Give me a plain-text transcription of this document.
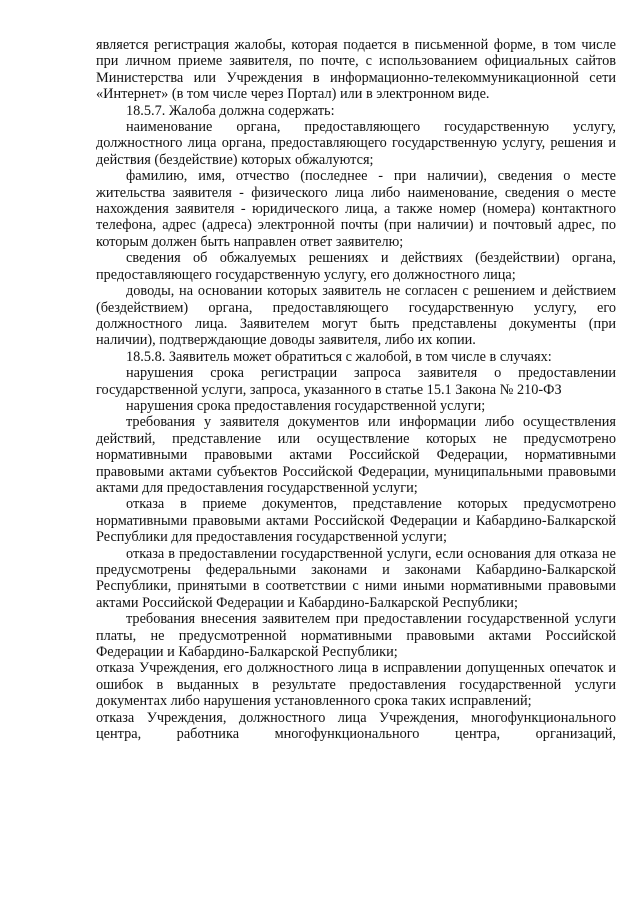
является регистрация жалобы, которая подается в письменной форме, в том числе при личном приеме заявителя, по почте, с использованием официальных сайтов Министерства или Учреждения в информационно-телекоммуникационной сети «Интернет» (в том числе через Портал) или в электронном виде.

18.5.7. Жалоба должна содержать:

наименование органа, предоставляющего государственную услугу, должностного лица органа, предоставляющего государственную услугу, решения и действия (бездействие) которых обжалуются;

фамилию, имя, отчество (последнее - при наличии), сведения о месте жительства заявителя - физического лица либо наименование, сведения о месте нахождения заявителя - юридического лица, а также номер (номера) контактного телефона, адрес (адреса) электронной почты (при наличии) и почтовый адрес, по которым должен быть направлен ответ заявителю;

сведения об обжалуемых решениях и действиях (бездействии) органа, предоставляющего государственную услугу, его должностного лица;

доводы, на основании которых заявитель не согласен с решением и действием (бездействием) органа, предоставляющего государственную услугу, его должностного лица. Заявителем могут быть представлены документы (при наличии), подтверждающие доводы заявителя, либо их копии.

18.5.8. Заявитель может обратиться с жалобой, в том числе в случаях:

нарушения срока регистрации запроса заявителя о предоставлении государственной услуги, запроса, указанного в статье 15.1 Закона № 210-ФЗ

нарушения срока предоставления государственной услуги;

требования у заявителя документов или информации либо осуществления действий, представление или осуществление которых не предусмотрено нормативными правовыми актами Российской Федерации, нормативными правовыми актами субъектов Российской Федерации, муниципальными правовыми актами для предоставления государственной услуги;

отказа в приеме документов, представление которых предусмотрено нормативными правовыми актами Российской Федерации и Кабардино-Балкарской Республики для предоставления государственной услуги;

отказа в предоставлении государственной услуги, если основания для отказа не предусмотрены федеральными законами и законами Кабардино-Балкарской Республики, принятыми в соответствии с ними иными нормативными правовыми актами Российской Федерации и Кабардино-Балкарской Республики;

требования внесения заявителем при предоставлении государственной услуги платы, не предусмотренной нормативными правовыми актами Российской Федерации и Кабардино-Балкарской Республики;

отказа Учреждения, его должностного лица в исправлении допущенных опечаток и ошибок в выданных в результате предоставления государственной услуги документах либо нарушения установленного срока таких исправлений;

отказа Учреждения, должностного лица Учреждения, многофункционального центра, работника многофункционального центра, организаций,
